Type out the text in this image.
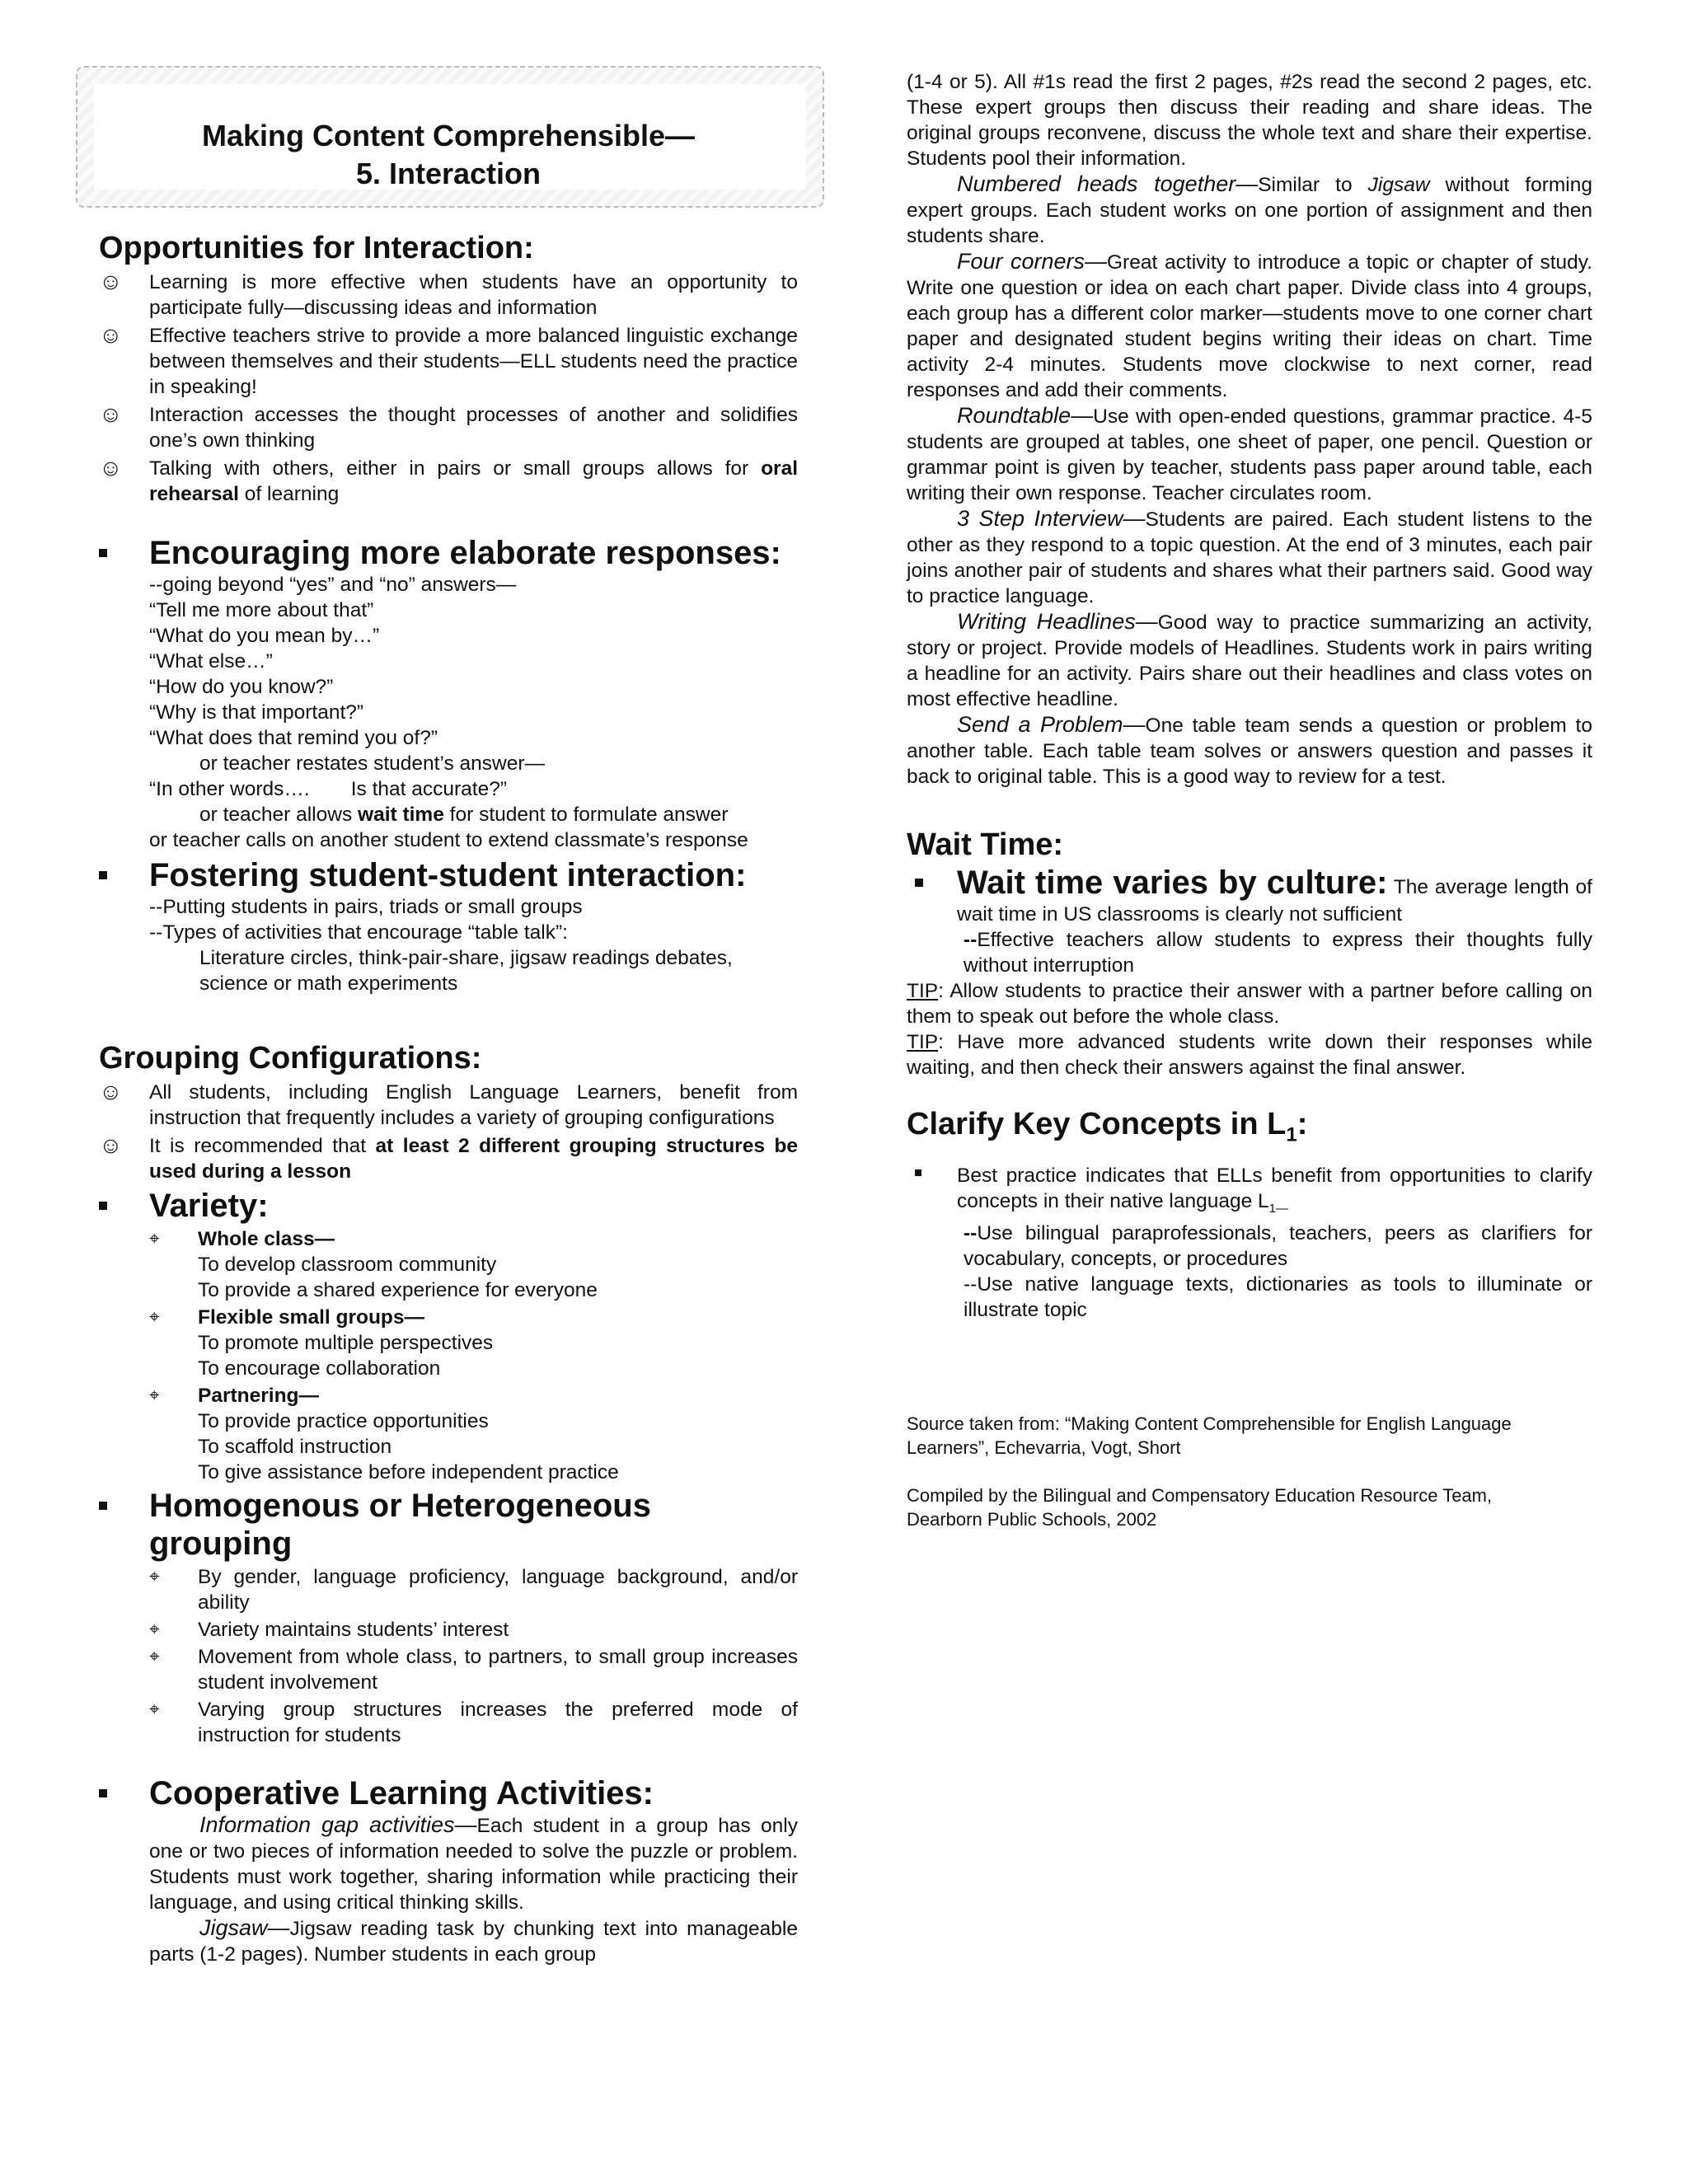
Making Content Comprehensible—
5. Interaction
Opportunities for Interaction:
☺ Learning is more effective when students have an opportunity to participate fully—discussing ideas and information
☺ Effective teachers strive to provide a more balanced linguistic exchange between themselves and their students—ELL students need the practice in speaking!
☺ Interaction accesses the thought processes of another and solidifies one’s own thinking
☺ Talking with others, either in pairs or small groups allows for oral rehearsal of learning
Encouraging more elaborate responses:
--going beyond “yes” and “no” answers—
“Tell me more about that”
“What do you mean by…”
“What else…”
“How do you know?”
“Why is that important?”
“What does that remind you of?”
or teacher restates student’s answer—
“In other words…. Is that accurate?”
or teacher allows wait time for student to formulate answer
or teacher calls on another student to extend classmate’s response
Fostering student-student interaction:
--Putting students in pairs, triads or small groups
--Types of activities that encourage “table talk”:
Literature circles, think-pair-share, jigsaw readings debates, science or math experiments
Grouping Configurations:
☺ All students, including English Language Learners, benefit from instruction that frequently includes a variety of grouping configurations
☺ It is recommended that at least 2 different grouping structures be used during a lesson
Variety:
⌖ Whole class—
To develop classroom community
To provide a shared experience for everyone
⌖ Flexible small groups—
To promote multiple perspectives
To encourage collaboration
⌖ Partnering—
To provide practice opportunities
To scaffold instruction
To give assistance before independent practice
Homogenous or Heterogeneous
grouping
⌖ By gender, language proficiency, language background, and/or ability
⌖ Variety maintains students’ interest
⌖ Movement from whole class, to partners, to small group increases student involvement
⌖ Varying group structures increases the preferred mode of instruction for students
Cooperative Learning Activities:

Information gap activities—Each student in a group has only one or two pieces of information needed to solve the puzzle or problem. Students must work together, sharing information while practicing their language, and using critical thinking skills.

Jigsaw—Jigsaw reading task by chunking text into manageable parts (1-2 pages). Number students in each group

(1-4 or 5). All #1s read the first 2 pages, #2s read the second 2 pages, etc. These expert groups then discuss their reading and share ideas. The original groups reconvene, discuss the whole text and share their expertise. Students pool their information.

Numbered heads together—Similar to Jigsaw without forming expert groups. Each student works on one portion of assignment and then students share.

Four corners—Great activity to introduce a topic or chapter of study. Write one question or idea on each chart paper. Divide class into 4 groups, each group has a different color marker—students move to one corner chart paper and designated student begins writing their ideas on chart. Time activity 2-4 minutes. Students move clockwise to next corner, read responses and add their comments.

Roundtable—Use with open-ended questions, grammar practice. 4-5 students are grouped at tables, one sheet of paper, one pencil. Question or grammar point is given by teacher, students pass paper around table, each writing their own response. Teacher circulates room.

3 Step Interview—Students are paired. Each student listens to the other as they respond to a topic question. At the end of 3 minutes, each pair joins another pair of students and shares what their partners said. Good way to practice language.

Writing Headlines—Good way to practice summarizing an activity, story or project. Provide models of Headlines. Students work in pairs writing a headline for an activity. Pairs share out their headlines and class votes on most effective headline.

Send a Problem—One table team sends a question or problem to another table. Each table team solves or answers question and passes it back to original table. This is a good way to review for a test.

Wait Time:
Wait time varies by culture: The average length of wait time in US classrooms is clearly not sufficient
--Effective teachers allow students to express their thoughts fully without interruption
TIP: Allow students to practice their answer with a partner before calling on them to speak out before the whole class.
TIP: Have more advanced students write down their responses while waiting, and then check their answers against the final answer.
Clarify Key Concepts in $L_1$:
Best practice indicates that ELLs benefit from opportunities to clarify concepts in their native language $L_{1—}$
--Use bilingual paraprofessionals, teachers, peers as clarifiers for vocabulary, concepts, or procedures
--Use native language texts, dictionaries as tools to illuminate or illustrate topic
Source taken from: “Making Content Comprehensible for English Language Learners”, Echevarria, Vogt, Short
Compiled by the Bilingual and Compensatory Education Resource Team, Dearborn Public Schools, 2002
